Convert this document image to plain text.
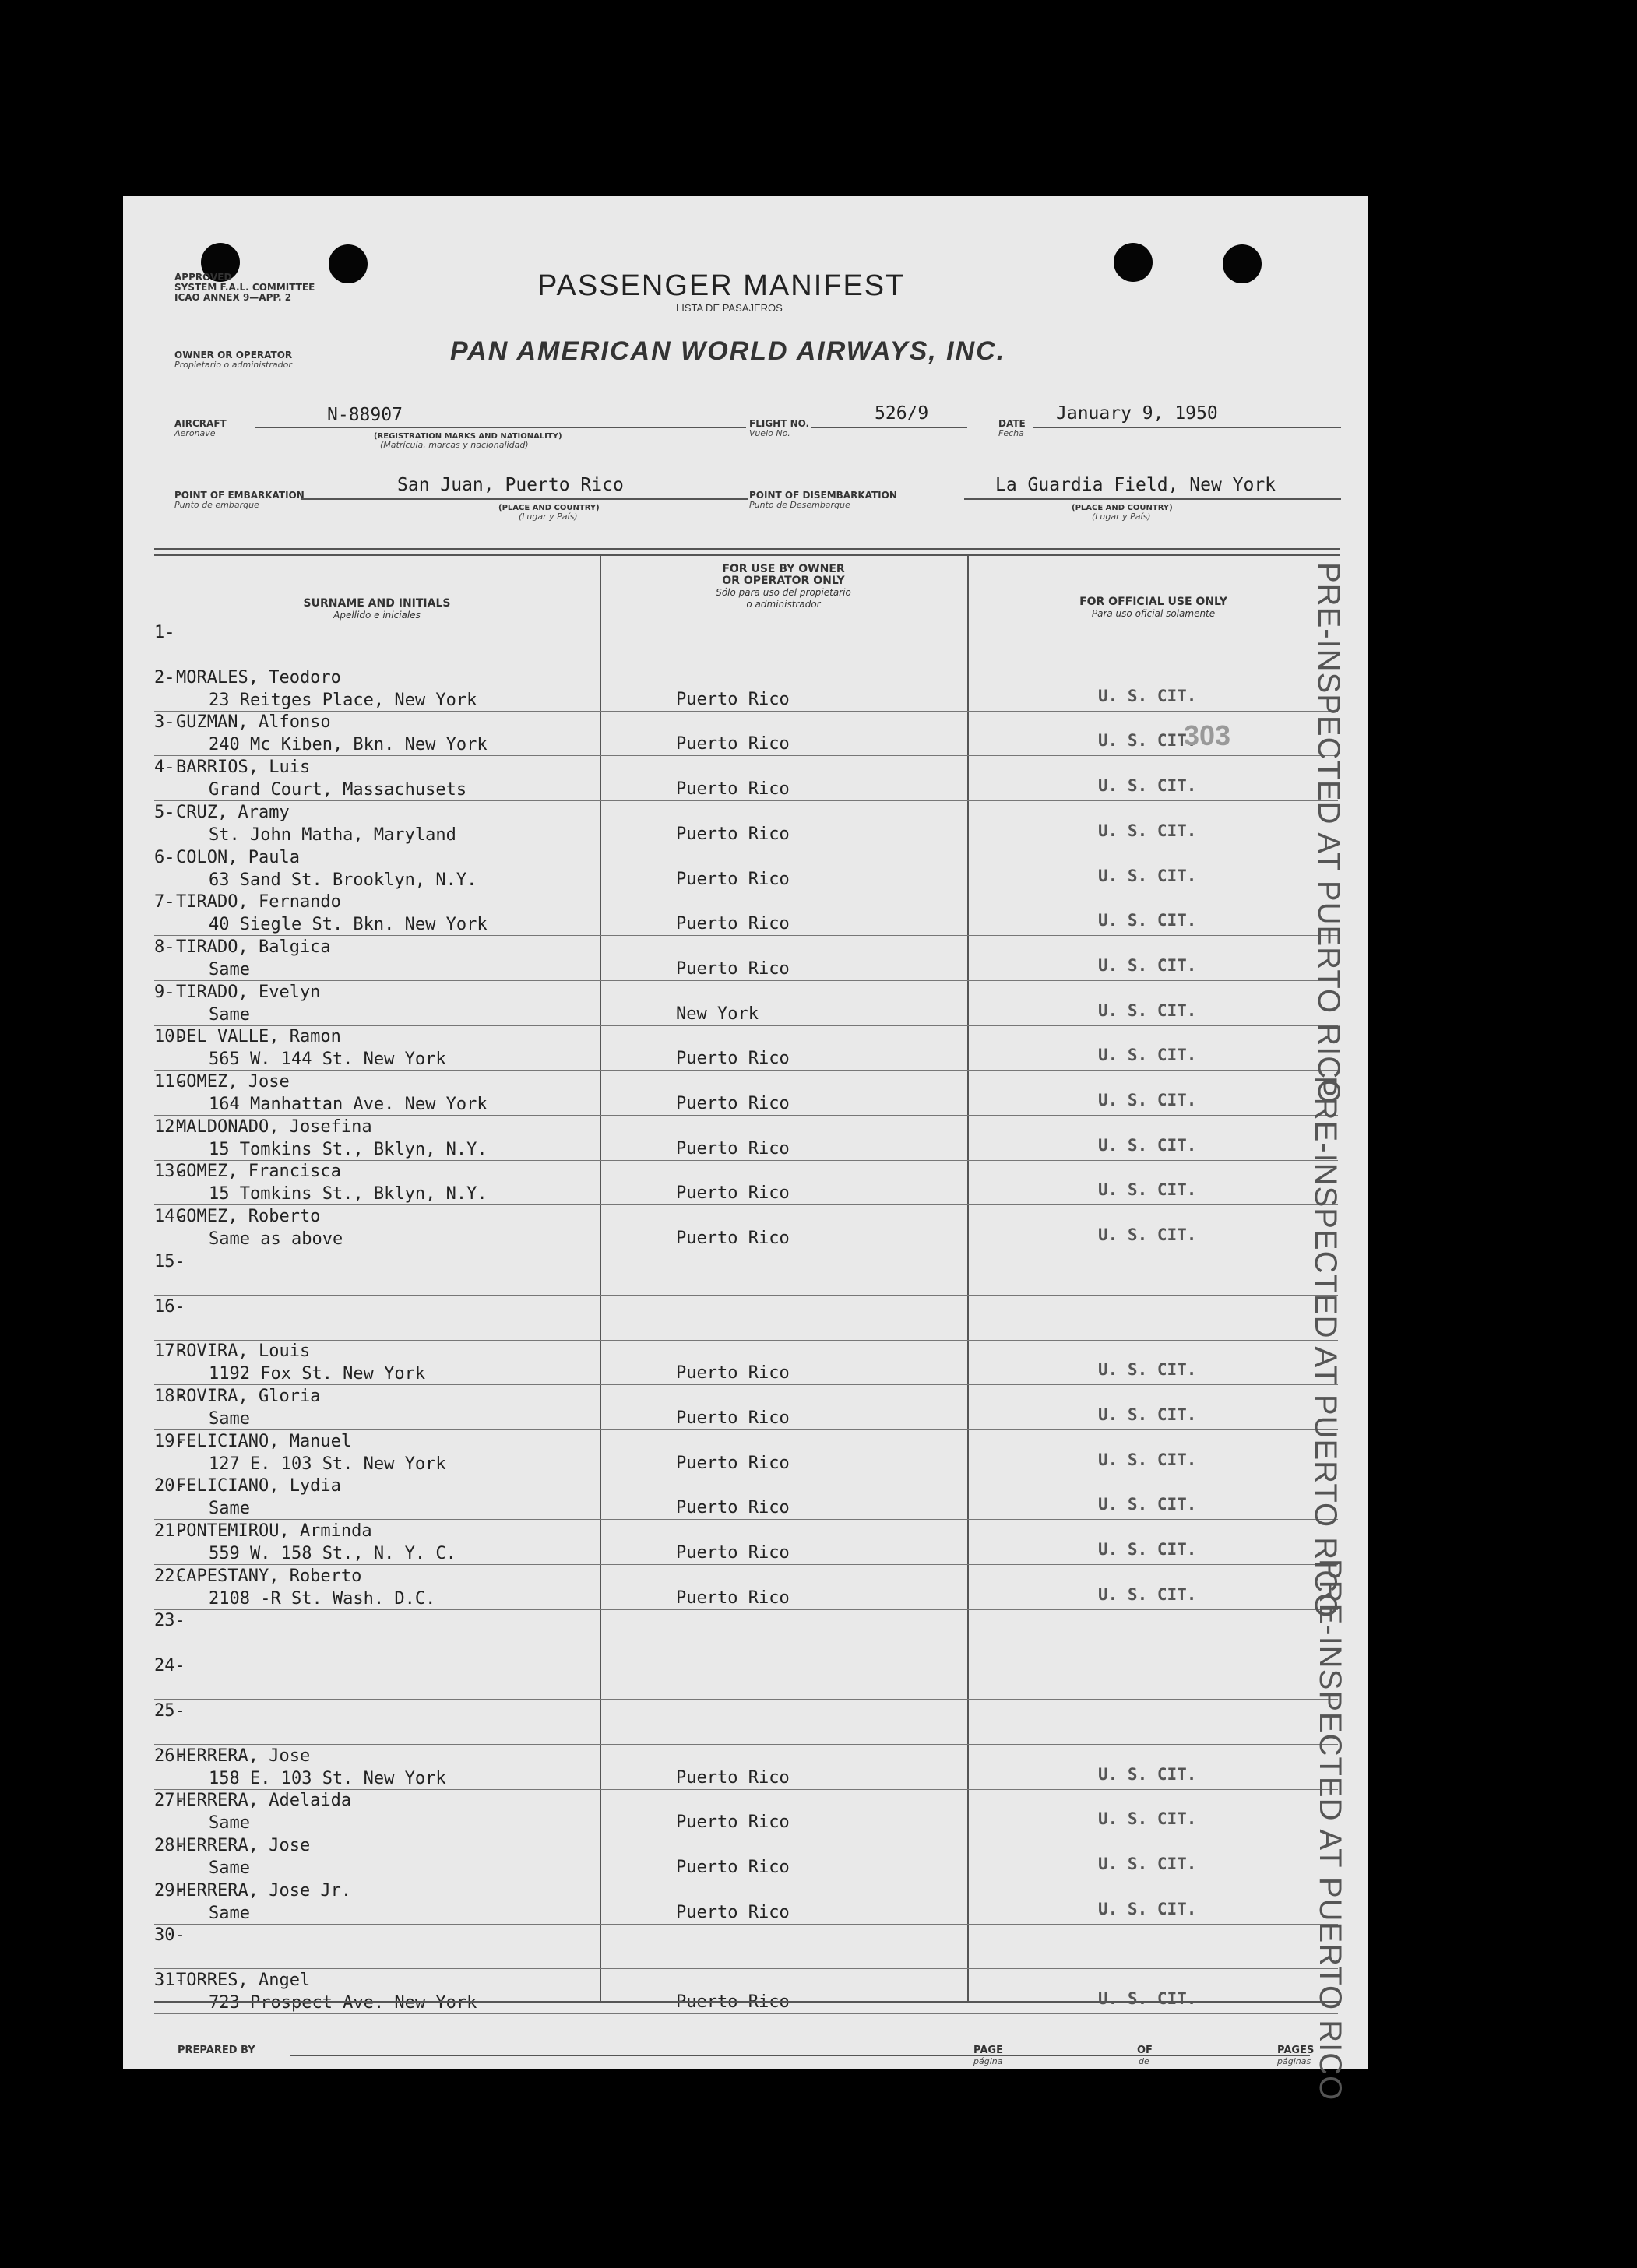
APPROVED
SYSTEM F.A.L. COMMITTEE
ICAO ANNEX 9—APP. 2	PASSENGER MANIFEST
LISTA DE PASAJEROS
OWNER OR OPERATOR
Propietario o administrador	PAN AMERICAN WORLD AIRWAYS, INC.
AIRCRAFT
Aeronave
N-88907
(REGISTRATION MARKS AND NATIONALITY)
(Matrícula, marcas y nacionalidad)
FLIGHT NO.
Vuelo No.
526/9	DATE
Fecha
January 9, 1950
POINT OF EMBARKATION
Punto de embarque
San Juan, Puerto Rico
(PLACE AND COUNTRY)
(Lugar y País)
POINT OF DISEMBARKATION
Punto de Desembarque
La Guardia Field, New York
(PLACE AND COUNTRY)
(Lugar y País)
SURNAME AND INITIALS
Apellido e iniciales
FOR USE BY OWNER
OR OPERATOR ONLY
Sólo para uso del propietario
o administrador	FOR OFFICIAL USE ONLY
Para uso oficial solamente
1-
2- MORALES, Teodoro
23 Reitges Place, New York	Puerto Rico	U. S. CIT.
3- GUZMAN, Alfonso
240 Mc Kiben, Bkn. New York	Puerto Rico	U. S. CIT.
4- BARRIOS, Luis
Grand Court, Massachusets	Puerto Rico	U. S. CIT.
5- CRUZ, Aramy
St. John Matha, Maryland	Puerto Rico	U. S. CIT.
6- COLON, Paula
63 Sand St. Brooklyn, N.Y.	Puerto Rico	U. S. CIT.
7- TIRADO, Fernando
40 Siegle St. Bkn. New York	Puerto Rico	U. S. CIT.
8- TIRADO, Balgica
Same	Puerto Rico	U. S. CIT.
9- TIRADO, Evelyn
Same	New York	U. S. CIT.
10-
DEL VALLE, Ramon
565 W. 144 St. New York	Puerto Rico	U. S. CIT.
11-
GOMEZ, Jose
164 Manhattan Ave. New York	Puerto Rico	U. S. CIT.
12-
MALDONADO, Josefina
15 Tomkins St., Bklyn, N.Y.	Puerto Rico	U. S. CIT.
13-
GOMEZ, Francisca
15 Tomkins St., Bklyn, N.Y.	Puerto Rico	U. S. CIT.
14-
GOMEZ, Roberto
Same as above	Puerto Rico	U. S. CIT.
15-
16-
17-
ROVIRA, Louis
1192 Fox St. New York	Puerto Rico	U. S. CIT.
18-
ROVIRA, Gloria
Same	Puerto Rico	U. S. CIT.
19-
FELICIANO, Manuel
127 E. 103 St. New York	Puerto Rico	U. S. CIT.
20-
FELICIANO, Lydia
Same	Puerto Rico	U. S. CIT.
21-
PONTEMIROU, Arminda
559 W. 158 St., N. Y. C.	Puerto Rico	U. S. CIT.
22-
CAPESTANY, Roberto
2108 -R St. Wash. D.C.	Puerto Rico	U. S. CIT.
23-
24-
25-
26-
HERRERA, Jose
158 E. 103 St. New York	Puerto Rico	U. S. CIT.
27-
HERRERA, Adelaida
Same	Puerto Rico	U. S. CIT.
28-
HERRERA, Jose
Same	Puerto Rico	U. S. CIT.
29-
HERRERA, Jose Jr.
Same	Puerto Rico	U. S. CIT.
30-
31-
TORRES, Angel
723 Prospect Ave. New York	Puerto Rico	U. S. CIT.
PRE-INSPECTED AT PUERTO RICO
PRE-INSPECTED AT PUERTO RICO
PRE-INSPECTED AT PUERTO RICO
303
PREPARED BY	PAGE
página
OF
de
PAGES
páginas
